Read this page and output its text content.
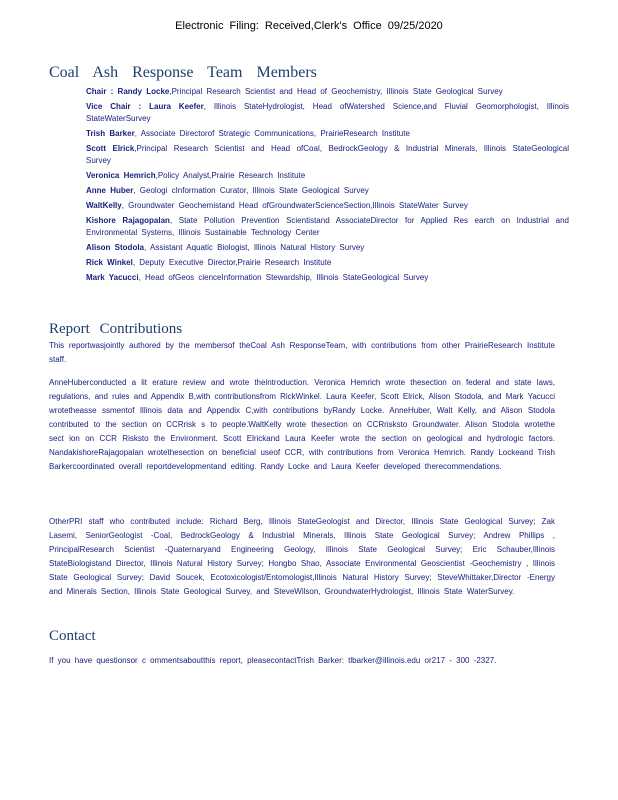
Electronic Filing: Received,Clerk's Office 09/25/2020
Coal Ash Response Team Members
Chair : Randy Locke,Principal Research Scientist and Head of Geochemistry, Illinois State Geological Survey
Vice Chair : Laura Keefer, Illinois StateHydrologist, Head ofWatershed Science,and Fluvial Geomorphologist, Illinois StateWaterSurvey
Trish Barker, Associate Directorof Strategic Communications, PrairieResearch Institute
Scott Elrick,Principal Research Scientist and Head ofCoal, BedrockGeology & Industrial Minerals, Illinois StateGeological Survey
Veronica Hemrich,Policy Analyst,Prairie Research Institute
Anne Huber, Geologi cInformation Curator, Illinois State Geological Survey
WaltKelly, Groundwater Geochemistand Head ofGroundwaterScienceSection,Illinois StateWater Survey
Kishore Rajagopalan, State Pollution Prevention Scientistand AssociateDirector for Applied Res earch on Industrial and Environmental Systems, Illinois Sustainable Technology Center
Alison Stodola, Assistant Aquatic Biologist, Illinois Natural History Survey
Rick Winkel, Deputy Executive Director,Prairie Research Institute
Mark Yacucci, Head ofGeos cienceInformation Stewardship, Illinois StateGeological Survey
Report Contributions

This reportwasjointly authored by the membersof theCoal Ash ResponseTeam, with contributions from other PrairieResearch Institute staff.

AnneHuberconducted a lit erature review and wrote theintroduction. Veronica Hemrich wrote thesection on federal and state laws, regulations, and rules and Appendix B,with contributionsfrom RickWinkel. Laura Keefer, Scott Elrick, Alison Stodola, and Mark Yacucci wrotetheasse ssmentof Illinois data and Appendix C,with contributions byRandy Locke. AnneHuber, Walt Kelly, and Alison Stodola contributed to the section on CCRrisk s to people.WaltKelly wrote thesection on CCRrisksto Groundwater. Alison Stodola wrotethe sect ion on CCR Risksto the Environment. Scott Elrickand Laura Keefer wrote the section on geological and hydrologic factors. NandakishoreRajagopalan wrotethesection on beneficial useof CCR, with contributions from Veronica Hemrich. Randy Lockeand Trish Barkercoordinated overall reportdevelopmentand editing. Randy Locke and Laura Keefer developed therecommendations.

OtherPRI staff who contributed include: Richard Berg, Illinois StateGeologist and Director, Illinois State Geological Survey; Zak Lasemi, SeniorGeologist -Coal, BedrockGeology & Industrial Minerals, Illinois State Geological Survey; Andrew Phillips , PrincipalResearch Scientist -Quaternaryand Engineering Geology, Illinois State Geological Survey; Eric Schauber,Illinois StateBiologistand Director, Illinois Natural History Survey; Hongbo Shao, Associate Environmental Geoscientist -Geochemistry , Illinois State Geological Survey; David Soucek, Ecotoxicologist/Entomologist,Illinois Natural History Survey; SteveWhittaker,Director -Energy and Minerals Section, Illinois State Geological Survey, and SteveWilson, GroundwaterHydrologist, Illinois State WaterSurvey.

Contact

If you have questionsor c ommentsaboutthis report, pleasecontactTrish Barker: tlbarker@illinois.edu or217 - 300 -2327.
